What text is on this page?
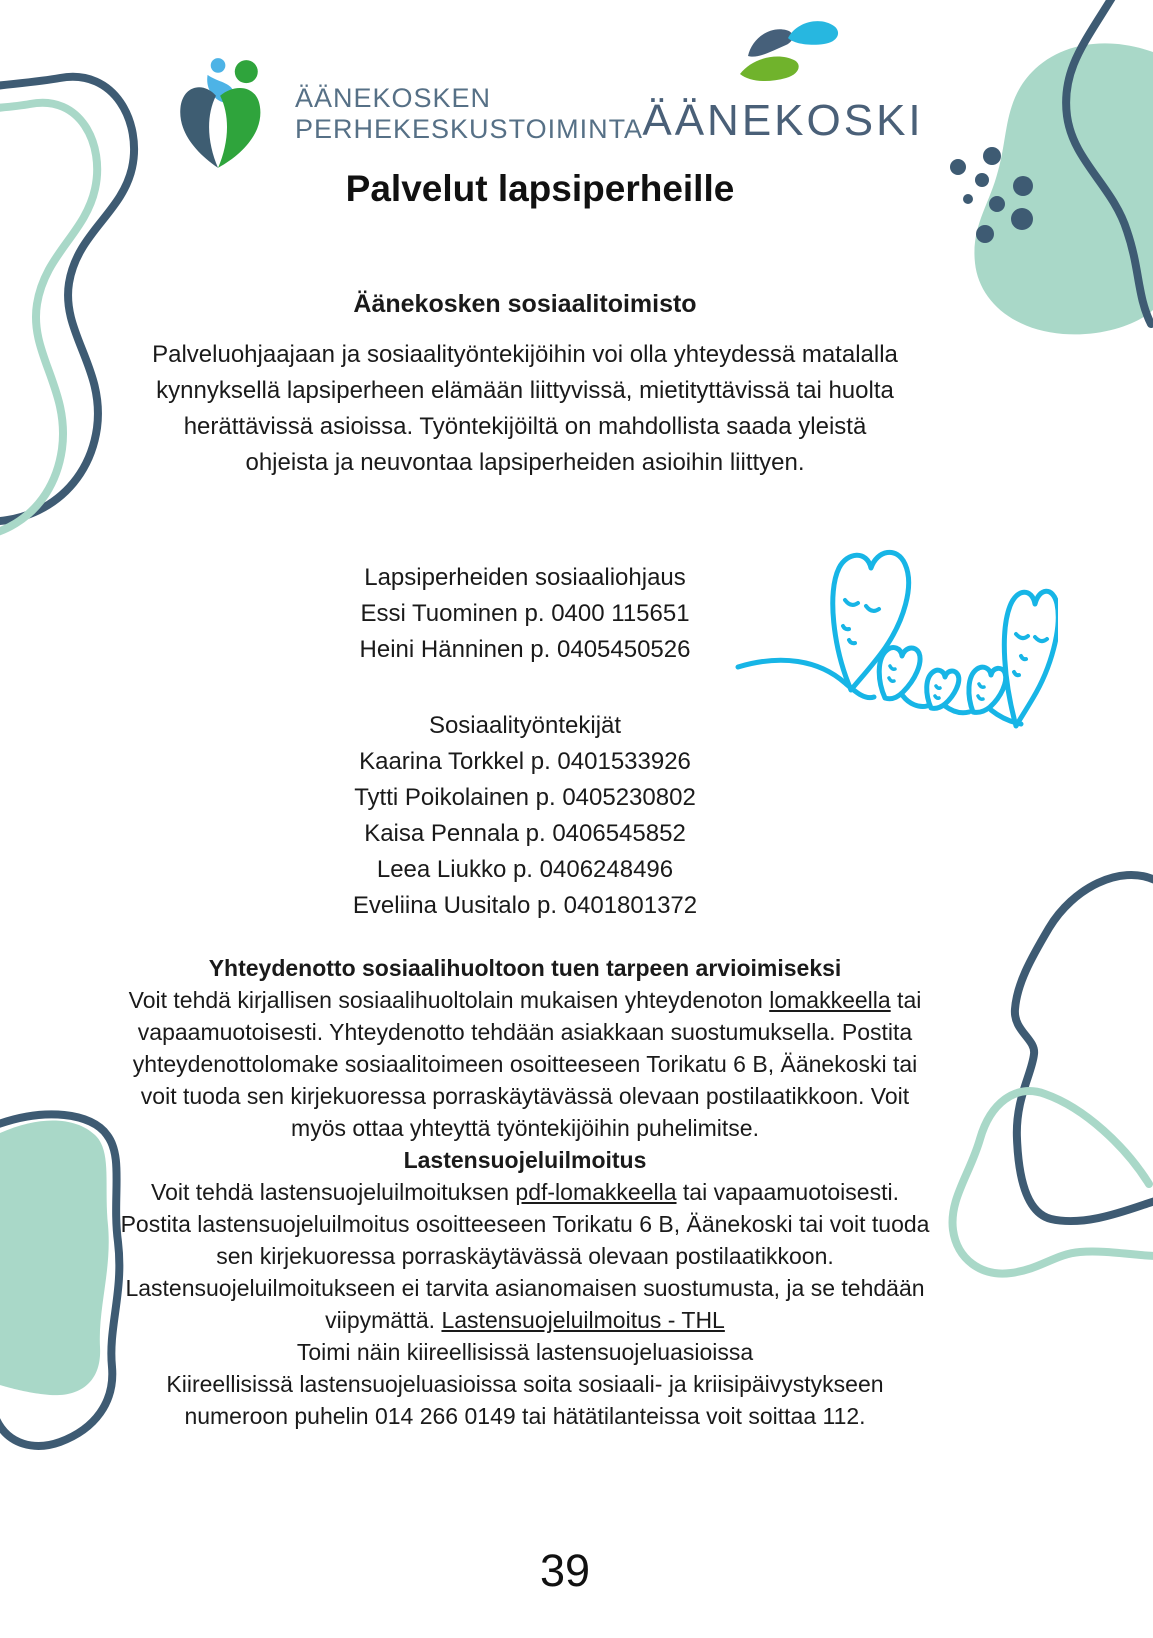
ÄÄNEKOSKEN
PERHEKESKUSTOIMINTA ÄÄNEKOSKI
Palvelut lapsiperheille
Äänekosken sosiaalitoimisto

Palveluohjaajaan ja sosiaalityöntekijöihin voi olla yhteydessä matalalla kynnyksellä lapsiperheen elämään liittyvissä, mietityttävissä tai huolta herättävissä asioissa. Työntekijöiltä on mahdollista saada yleistä ohjeista ja neuvontaa lapsiperheiden asioihin liittyen.

Lapsiperheiden sosiaaliohjaus
Essi Tuominen p. 0400 115651
Heini Hänninen p. 0405450526
Sosiaalityöntekijät
Kaarina Torkkel p. 0401533926
Tytti Poikolainen p. 0405230802
Kaisa Pennala p. 0406545852
Leea Liukko p. 0406248496
Eveliina Uusitalo p. 0401801372
Yhteydenotto sosiaalihuoltoon tuen tarpeen arvioimiseksi

Voit tehdä kirjallisen sosiaalihuoltolain mukaisen yhteydenoton lomakkeella tai vapaamuotoisesti. Yhteydenotto tehdään asiakkaan suostumuksella. Postita yhteydenottolomake sosiaalitoimeen osoitteeseen Torikatu 6 B, Äänekoski tai voit tuoda sen kirjekuoressa porraskäytävässä olevaan postilaatikkoon. Voit myös ottaa yhteyttä työntekijöihin puhelimitse.

Lastensuojeluilmoitus

Voit tehdä lastensuojeluilmoituksen pdf-lomakkeella tai vapaamuotoisesti. Postita lastensuojeluilmoitus osoitteeseen Torikatu 6 B, Äänekoski tai voit tuoda sen kirjekuoressa porraskäytävässä olevaan postilaatikkoon. Lastensuojeluilmoitukseen ei tarvita asianomaisen suostumusta, ja se tehdään viipymättä. Lastensuojeluilmoitus - THL

Toimi näin kiireellisissä lastensuojeluasioissa

Kiireellisissä lastensuojeluasioissa soita sosiaali- ja kriisipäivystykseen numeroon puhelin 014 266 0149 tai hätätilanteissa voit soittaa 112.

39
